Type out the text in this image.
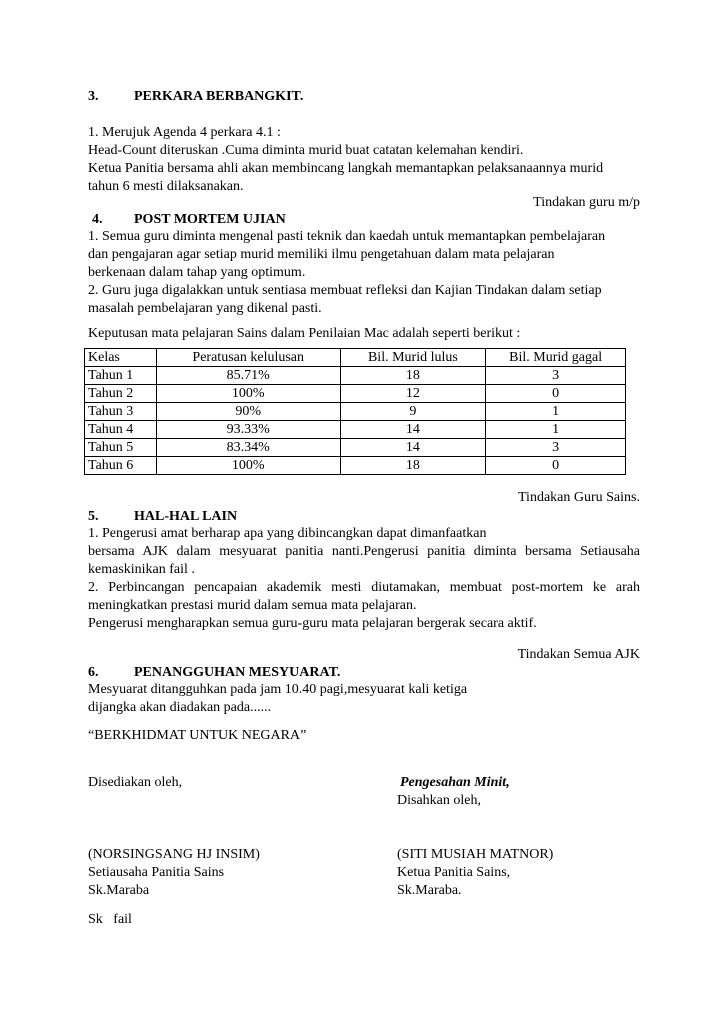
3.	PERKARA BERBANGKIT.
1. Merujuk Agenda 4 perkara 4.1 :
Head-Count diteruskan .Cuma diminta murid buat catatan kelemahan kendiri.
Ketua Panitia bersama ahli akan membincang langkah memantapkan pelaksanaannya murid
tahun 6 mesti dilaksanakan.
Tindakan guru m/p
4. POST MORTEM UJIAN
1. Semua guru diminta mengenal pasti teknik dan kaedah untuk memantapkan pembelajaran
dan pengajaran agar setiap murid memiliki ilmu pengetahuan dalam mata pelajaran
berkenaan dalam tahap yang optimum.
2. Guru juga digalakkan untuk sentiasa membuat refleksi dan Kajian Tindakan dalam setiap
masalah pembelajaran yang dikenal pasti.
Keputusan mata pelajaran Sains dalam Penilaian Mac adalah seperti berikut :
Kelas	Peratusan kelulusan	Bil. Murid lulus	Bil. Murid gagal
Tahun 1	85.71%	18	3
Tahun 2	100%	12	0
Tahun 3	90%	9	1
Tahun 4	93.33%	14	1
Tahun 5	83.34%	14	3
Tahun 6	100%	18	0
Tindakan Guru Sains.
5.	HAL-HAL LAIN
1. Pengerusi amat berharap apa yang dibincangkan dapat dimanfaatkan
bersama AJK dalam mesyuarat panitia nanti.Pengerusi panitia diminta bersama Setiausaha
kemaskinikan fail .
2. Perbincangan pencapaian akademik mesti diutamakan, membuat post-mortem ke arah
meningkatkan prestasi murid dalam semua mata pelajaran.
Pengerusi mengharapkan semua guru-guru mata pelajaran bergerak secara aktif.
Tindakan Semua AJK
6.	PENANGGUHAN MESYUARAT.
Mesyuarat ditangguhkan pada jam 10.40 pagi,mesyuarat kali ketiga
dijangka akan diadakan pada......
“BERKHIDMAT UNTUK NEGARA”
Disediakan oleh,	Pengesahan Minit,
Disahkan oleh,
(NORSINGSANG HJ INSIM)
Setiausaha Panitia Sains
Sk.Maraba
(SITI MUSIAH MATNOR)
Ketua Panitia Sains,
Sk.Maraba.
Sk   fail
